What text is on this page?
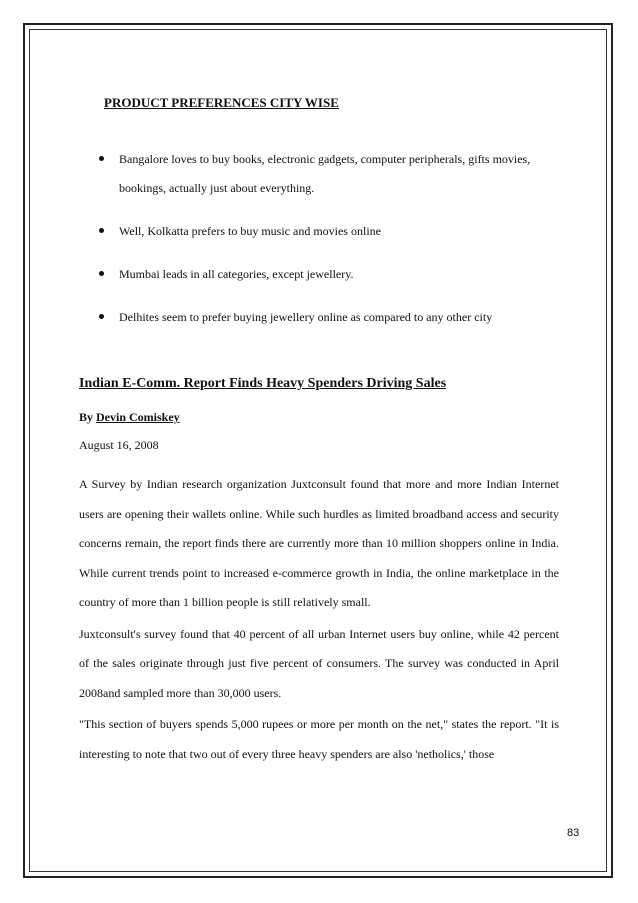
PRODUCT PREFERENCES CITY WISE
Bangalore loves to buy books, electronic gadgets, computer peripherals, gifts movies, bookings, actually just about everything.
Well, Kolkatta prefers to buy music and movies online
Mumbai leads in all categories, except jewellery.
Delhites seem to prefer buying jewellery online as compared to any other city
Indian E-Comm. Report Finds Heavy Spenders Driving Sales
By Devin Comiskey
August 16, 2008

A Survey by Indian research organization Juxtconsult found that more and more Indian Internet users are opening their wallets online. While such hurdles as limited broadband access and security concerns remain, the report finds there are currently more than 10 million shoppers online in India. While current trends point to increased e-commerce growth in India, the online marketplace in the country of more than 1 billion people is still relatively small.

Juxtconsult's survey found that 40 percent of all urban Internet users buy online, while 42 percent of the sales originate through just five percent of consumers. The survey was conducted in April 2008and sampled more than 30,000 users.

"This section of buyers spends 5,000 rupees or more per month on the net," states the report. "It is interesting to note that two out of every three heavy spenders are also 'netholics,' those

83
